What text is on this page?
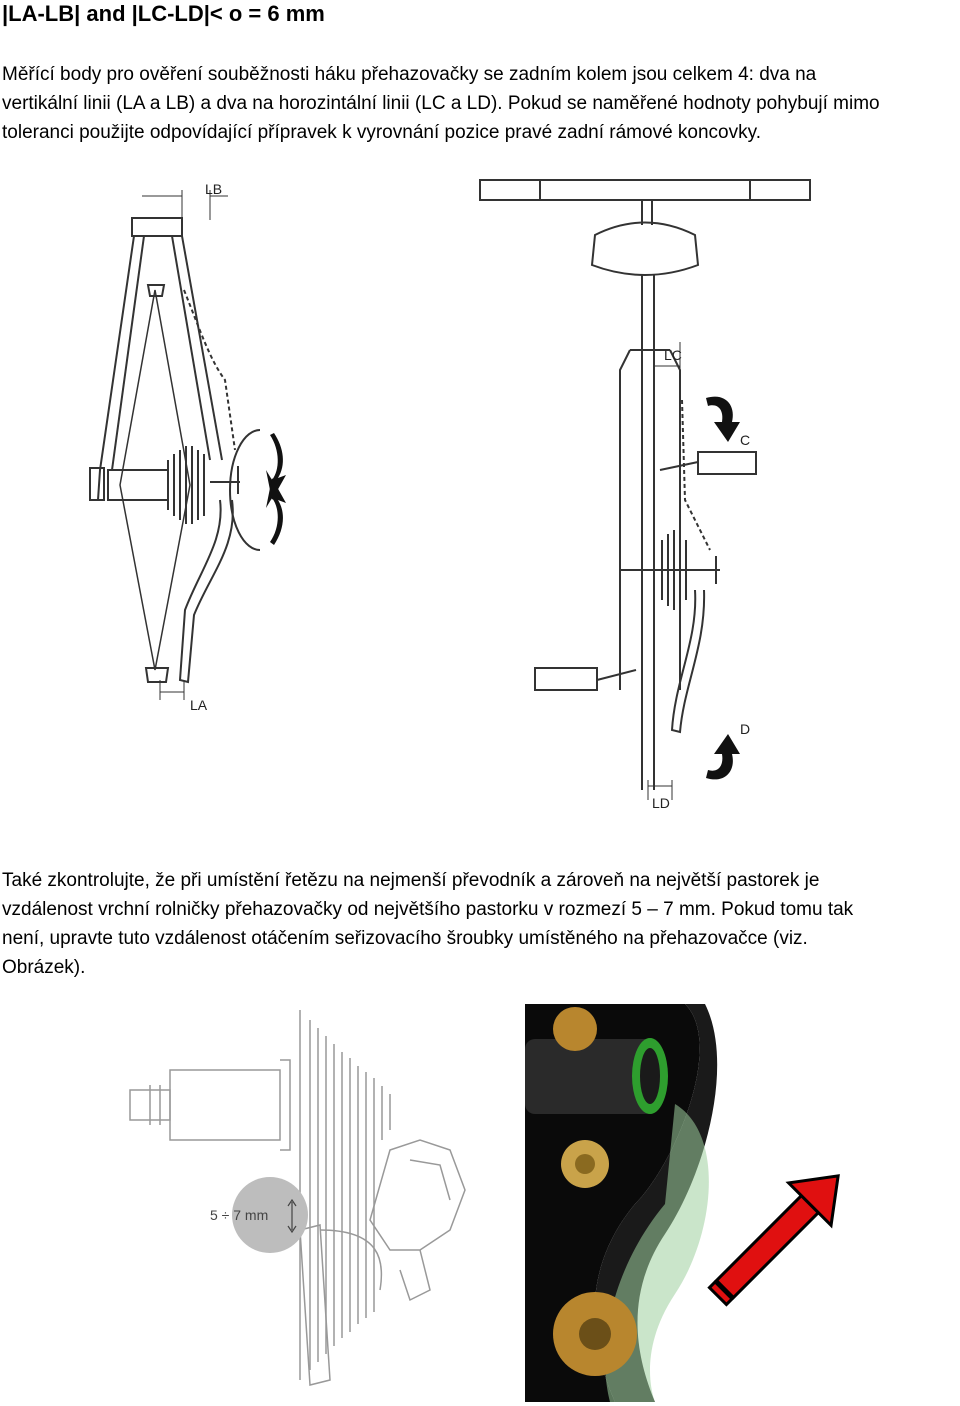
|LA-LB| and |LC-LD|< o = 6 mm
Měřící body pro ověření souběžnosti háku přehazovačky se zadním kolem jsou celkem 4: dva na
vertikální linii (LA a LB) a dva na horozintální linii (LC a LD). Pokud se naměřené hodnoty pohybují mimo
toleranci použijte odpovídající přípravek k vyrovnání pozice pravé zadní rámové koncovky.
LB
LA
LC
C
D
LD
Také zkontrolujte, že při umístění řetězu na nejmenší převodník a zároveň na největší pastorek je
vzdálenost vrchní rolničky přehazovačky od největšího pastorku v rozmezí 5 – 7 mm. Pokud tomu tak
není, upravte tuto vzdálenost otáčením seřizovacího šroubky umístěného na přehazovačce (viz.
Obrázek).
5 ÷ 7 mm
